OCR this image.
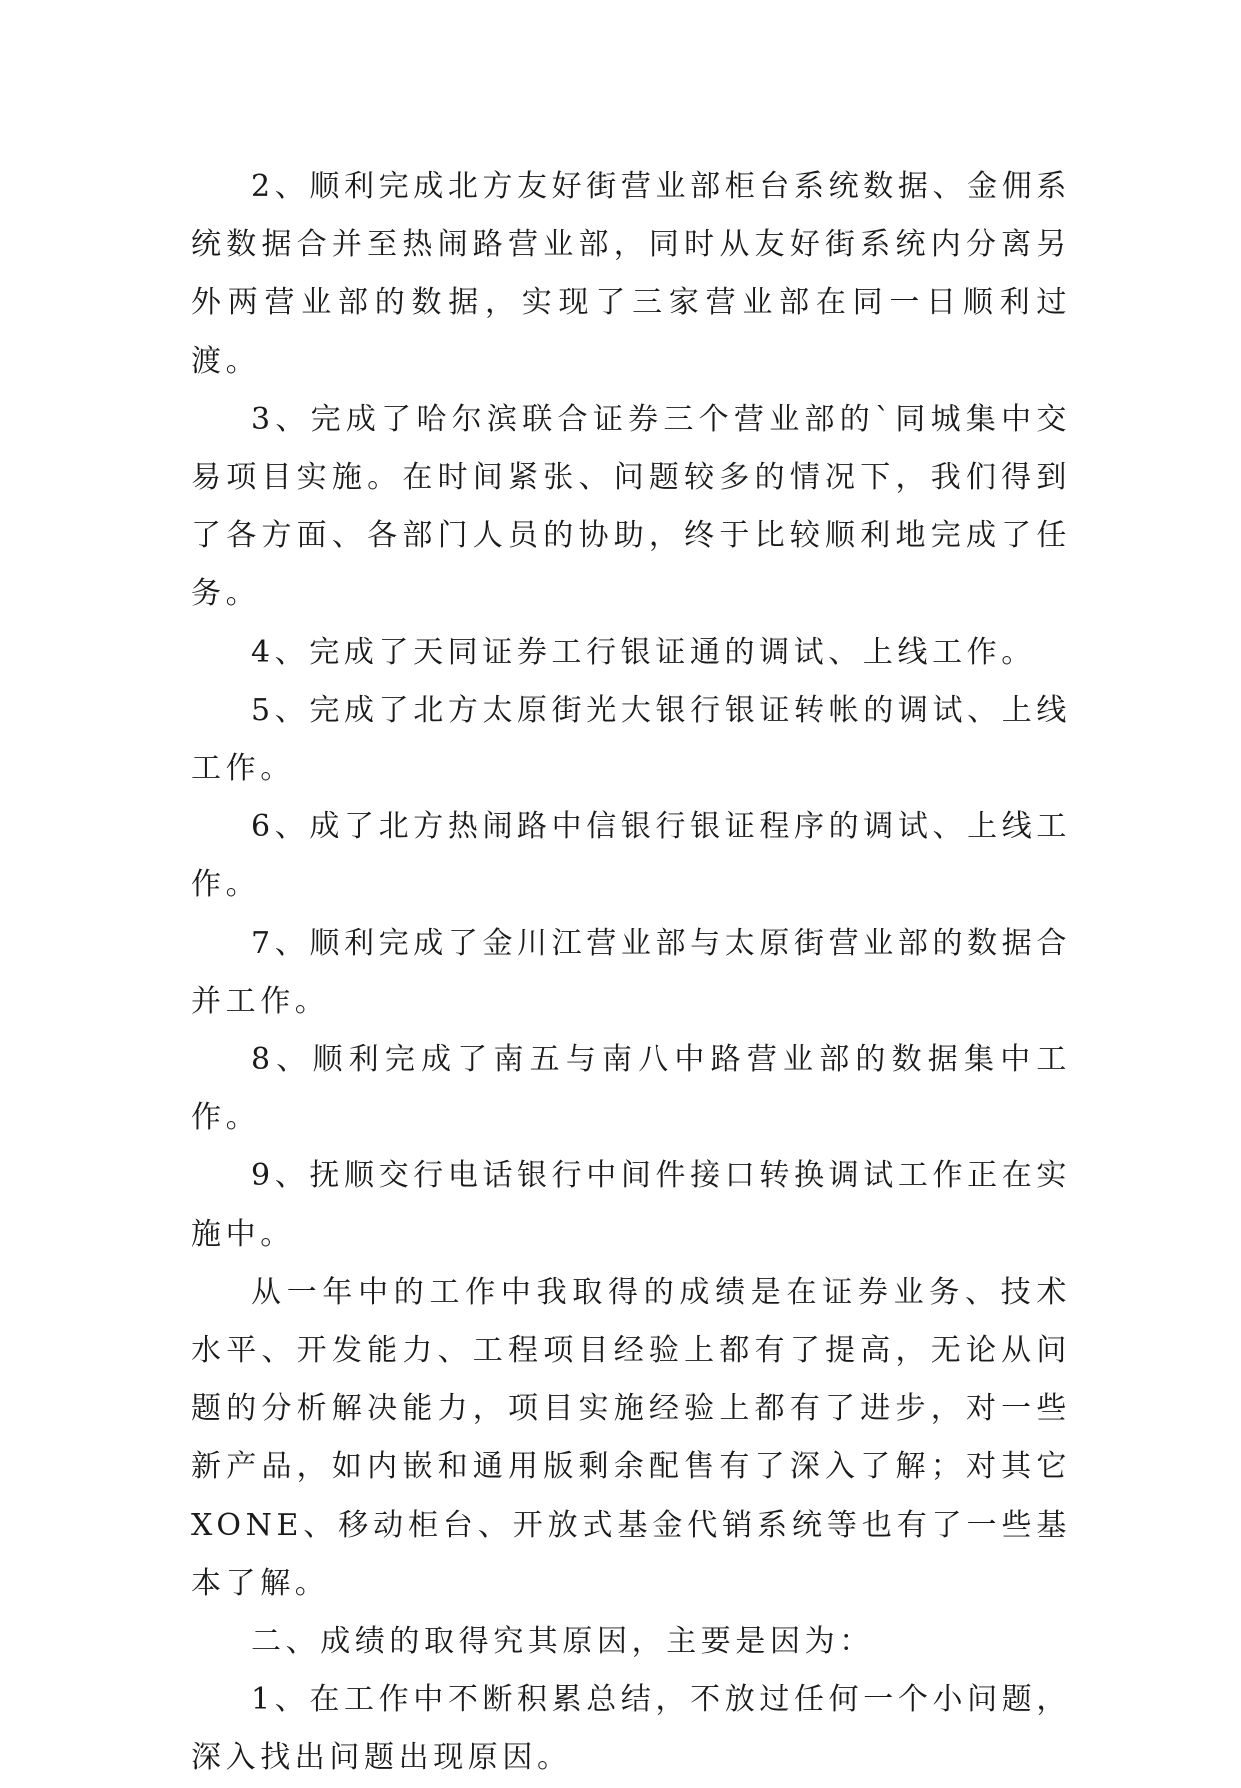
2、顺利完成北方友好街营业部柜台系统数据、金佣系统数据合并至热闹路营业部，同时从友好街系统内分离另外两营业部的数据，实现了三家营业部在同一日顺利过渡。

3、完成了哈尔滨联合证券三个营业部的`同城集中交易项目实施。在时间紧张、问题较多的情况下，我们得到了各方面、各部门人员的协助，终于比较顺利地完成了任务。

4、完成了天同证券工行银证通的调试、上线工作。

5、完成了北方太原街光大银行银证转帐的调试、上线工作。

6、成了北方热闹路中信银行银证程序的调试、上线工作。

7、顺利完成了金川江营业部与太原街营业部的数据合并工作。

8、顺利完成了南五与南八中路营业部的数据集中工作。

9、抚顺交行电话银行中间件接口转换调试工作正在实施中。

从一年中的工作中我取得的成绩是在证券业务、技术水平、开发能力、工程项目经验上都有了提高，无论从问题的分析解决能力，项目实施经验上都有了进步，对一些新产品，如内嵌和通用版剩余配售有了深入了解；对其它XONE、移动柜台、开放式基金代销系统等也有了一些基本了解。

二、成绩的取得究其原因，主要是因为：

1、在工作中不断积累总结，不放过任何一个小问题，深入找出问题出现原因。
